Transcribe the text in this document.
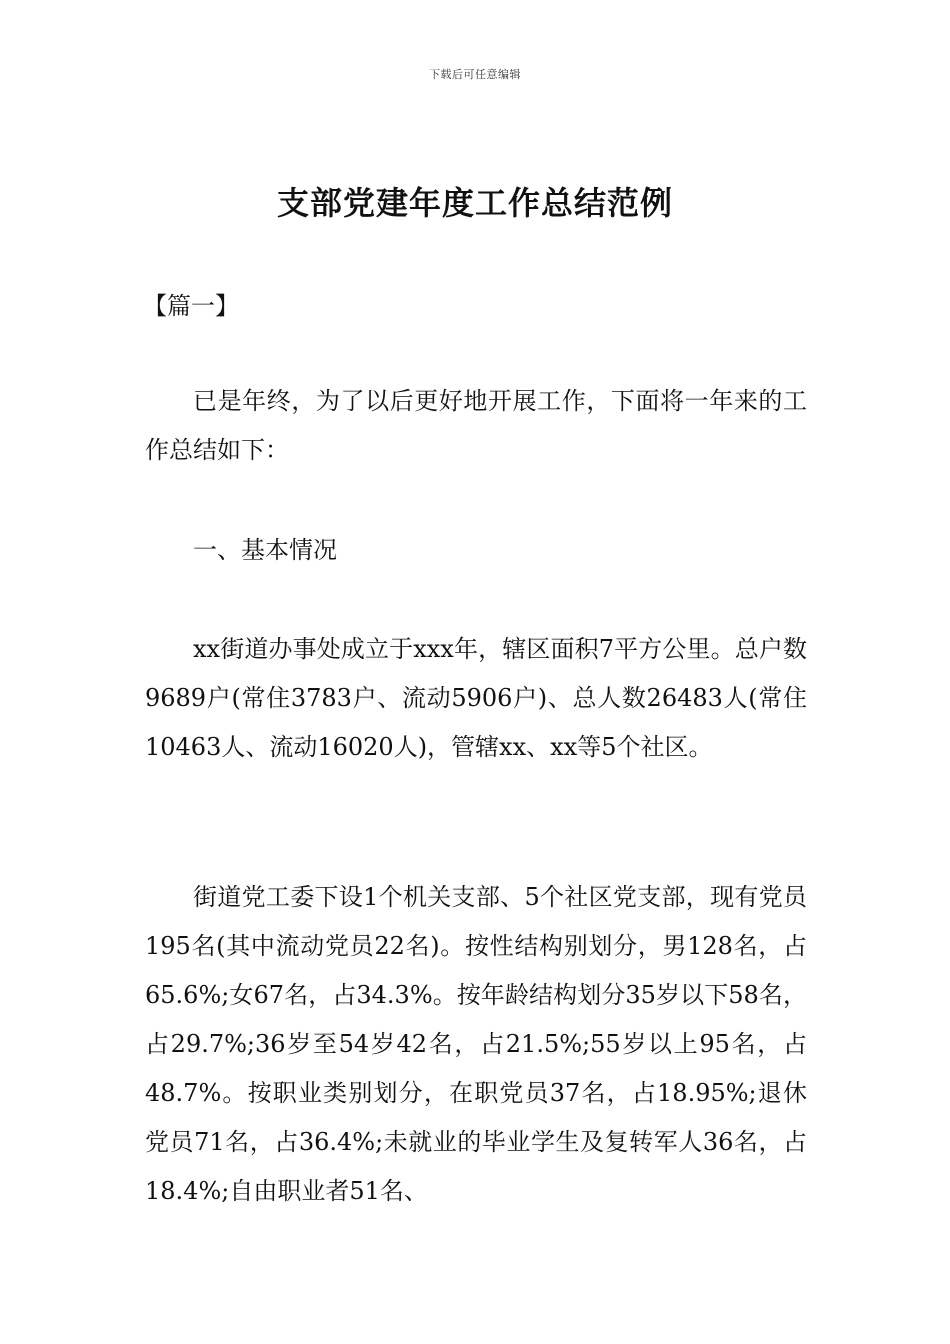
下载后可任意编辑
支部党建年度工作总结范例
【篇一】

已是年终，为了以后更好地开展工作，下面将一年来的工作总结如下：

一、基本情况

xx街道办事处成立于xxx年，辖区面积7平方公里。总户数9689户(常住3783户、流动5906户)、总人数26483人(常住10463人、流动16020人)，管辖xx、xx等5个社区。

街道党工委下设1个机关支部、5个社区党支部，现有党员195名(其中流动党员22名)。按性结构别划分，男128名，占65.6%;女67名，占34.3%。按年龄结构划分35岁以下58名，占29.7%;36岁至54岁42名，占21.5%;55岁以上95名，占48.7%。按职业类别划分，在职党员37名，占18.95%;退休党员71名，占36.4%;未就业的毕业学生及复转军人36名，占18.4%;自由职业者51名、
